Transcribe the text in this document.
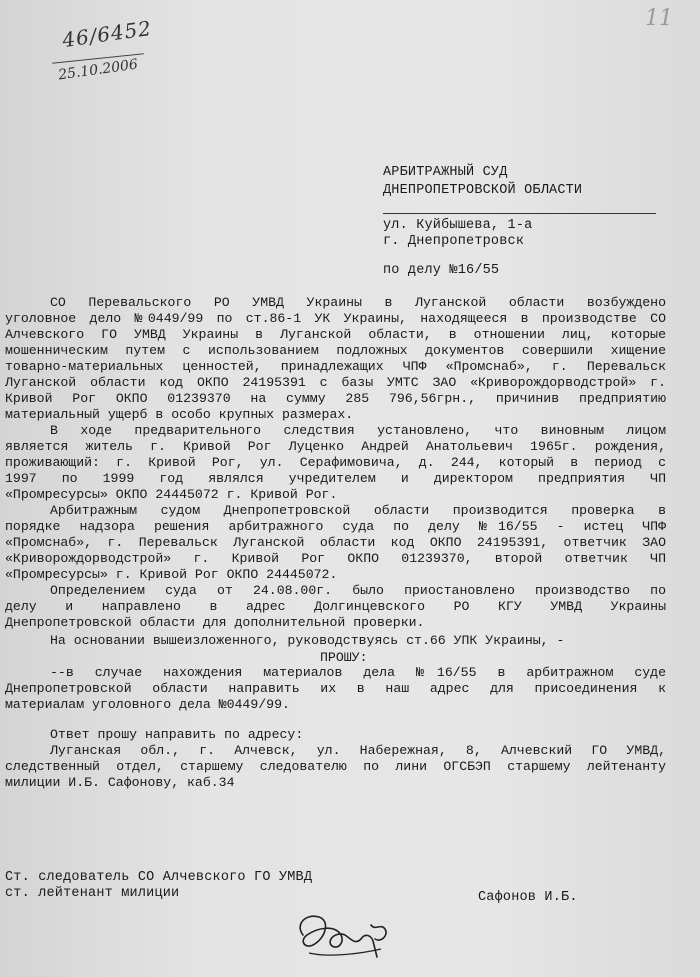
46/6452
25.10.2006
11
АРБИТРАЖНЫЙ СУД
ДНЕПРОПЕТРОВСКОЙ ОБЛАСТИ
ул. Куйбышева, 1-а
г. Днепропетровск
по делу №16/55
СО Перевальского РО УМВД Украины в Луганской области возбуждено
уголовное дело №0449/99 по ст.86-1 УК Украины, находящееся в производстве СО
Алчевского ГО УМВД Украины в Луганской области, в отношении лиц, которые
мошенническим путем с использованием подложных документов совершили хищение
товарно-материальных ценностей, принадлежащих ЧПФ «Промснаб», г. Перевальск
Луганской области код ОКПО 24195391 с базы УМТС ЗАО «Криворождорводстрой» г.
Кривой Рог ОКПО 01239370 на сумму 285 796,56грн., причинив предприятию
материальный ущерб в особо крупных размерах.
В ходе предварительного следствия установлено, что виновным лицом
является житель г. Кривой Рог Луценко Андрей Анатольевич 1965г. рождения,
проживающий: г. Кривой Рог, ул. Серафимовича, д. 244, который в период с
1997 по 1999 год являлся учредителем и директором предприятия ЧП
«Промресурсы» ОКПО 24445072 г. Кривой Рог.
Арбитражным судом Днепропетровской области производится проверка в
порядке надзора решения арбитражного суда по делу №16/55 - истец ЧПФ
«Промснаб», г. Перевальск Луганской области код ОКПО 24195391, ответчик ЗАО
«Криворождорводстрой» г. Кривой Рог ОКПО 01239370, второй ответчик ЧП
«Промресурсы» г. Кривой Рог ОКПО 24445072.
Определением суда от 24.08.00г. было приостановлено производство по
делу и направлено в адрес Долгинцевского РО КГУ УМВД Украины
Днепропетровской области для дополнительной проверки.
На основании вышеизложенного, руководствуясь ст.66 УПК Украины, -
ПРОШУ:
--в случае нахождения материалов дела №16/55 в арбитражном суде
Днепропетровской области направить их в наш адрес для присоединения к
материалам уголовного дела №0449/99.
Ответ прошу направить по адресу:
Луганская обл., г. Алчевск, ул. Набережная, 8, Алчевский ГО УМВД,
следственный отдел, старшему следователю по лини ОГСБЭП старшему лейтенанту
милиции И.Б. Сафонову, каб.34
Ст. следователь СО Алчевского ГО УМВД
ст. лейтенант милиции	Сафонов И.Б.
